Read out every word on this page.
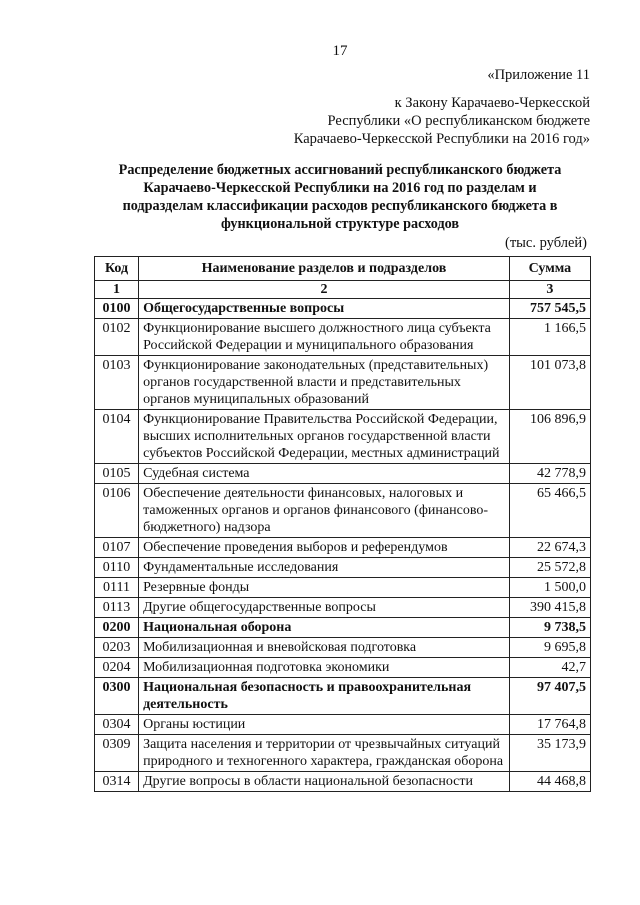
17
«Приложение 11
к Закону Карачаево-Черкесской
Республики «О республиканском бюджете
Карачаево-Черкесской Республики на 2016 год»
Распределение бюджетных ассигнований республиканского бюджета
Карачаево-Черкесской Республики на 2016 год по разделам и
подразделам классификации расходов республиканского бюджета в
функциональной структуре расходов
(тыс. рублей)
Код	Наименование разделов и подразделов	Сумма
1	2	3
0100	Общегосударственные вопросы	757 545,5
0102	Функционирование высшего должностного лица субъекта Российской Федерации и муниципального образования	1 166,5
0103	Функционирование законодательных (представительных) органов государственной власти и представительных органов муниципальных образований	101 073,8
0104	Функционирование Правительства Российской Федерации, высших исполнительных органов государственной власти субъектов Российской Федерации, местных администраций	106 896,9
0105	Судебная система	42 778,9
0106	Обеспечение деятельности финансовых, налоговых и таможенных органов и органов финансового (финансово-бюджетного) надзора	65 466,5
0107	Обеспечение проведения выборов и референдумов	22 674,3
0110	Фундаментальные исследования	25 572,8
0111	Резервные фонды	1 500,0
0113	Другие общегосударственные вопросы	390 415,8
0200	Национальная оборона	9 738,5
0203	Мобилизационная и вневойсковая подготовка	9 695,8
0204	Мобилизационная подготовка экономики	42,7
0300	Национальная безопасность и правоохранительная деятельность	97 407,5
0304	Органы юстиции	17 764,8
0309	Защита населения и территории от чрезвычайных ситуаций природного и техногенного характера, гражданская оборона	35 173,9
0314	Другие вопросы в области национальной безопасности	44 468,8
